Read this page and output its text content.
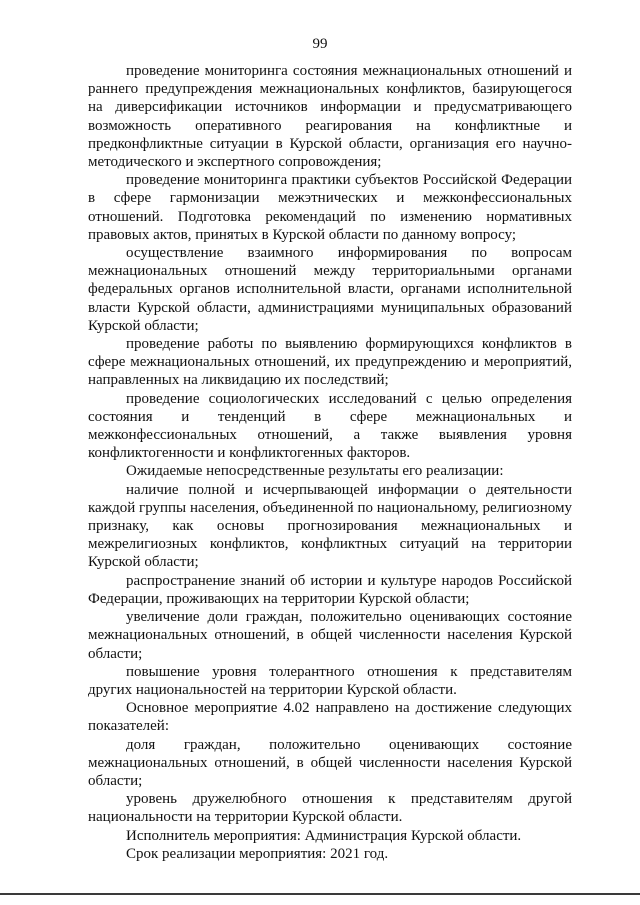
99

проведение мониторинга состояния межнациональных отношений и раннего предупреждения межнациональных конфликтов, базирующегося на диверсификации источников информации и предусматривающего возможность оперативного реагирования на конфликтные и предконфликтные ситуации в Курской области, организация его научно-методического и экспертного сопровождения;

проведение мониторинга практики субъектов Российской Федерации в сфере гармонизации межэтнических и межконфессиональных отношений. Подготовка рекомендаций по изменению нормативных правовых актов, принятых в Курской области по данному вопросу;

осуществление взаимного информирования по вопросам межнациональных отношений между территориальными органами федеральных органов исполнительной власти, органами исполнительной власти Курской области, администрациями муниципальных образований Курской области;

проведение работы по выявлению формирующихся конфликтов в сфере межнациональных отношений, их предупреждению и мероприятий, направленных на ликвидацию их последствий;

проведение социологических исследований с целью определения состояния и тенденций в сфере межнациональных и межконфессиональных отношений, а также выявления уровня конфликтогенности и конфликтогенных факторов.

Ожидаемые непосредственные результаты его реализации:

наличие полной и исчерпывающей информации о деятельности каждой группы населения, объединенной по национальному, религиозному признаку, как основы прогнозирования межнациональных и межрелигиозных конфликтов, конфликтных ситуаций на территории Курской области;

распространение знаний об истории и культуре народов Российской Федерации, проживающих на территории Курской области;

увеличение доли граждан, положительно оценивающих состояние межнациональных отношений, в общей численности населения Курской области;

повышение уровня толерантного отношения к представителям других национальностей на территории Курской области.

Основное мероприятие 4.02 направлено на достижение следующих показателей:

доля граждан, положительно оценивающих состояние межнациональных отношений, в общей численности населения Курской области;

уровень дружелюбного отношения к представителям другой национальности на территории Курской области.

Исполнитель мероприятия: Администрация Курской области.

Срок реализации мероприятия: 2021 год.
